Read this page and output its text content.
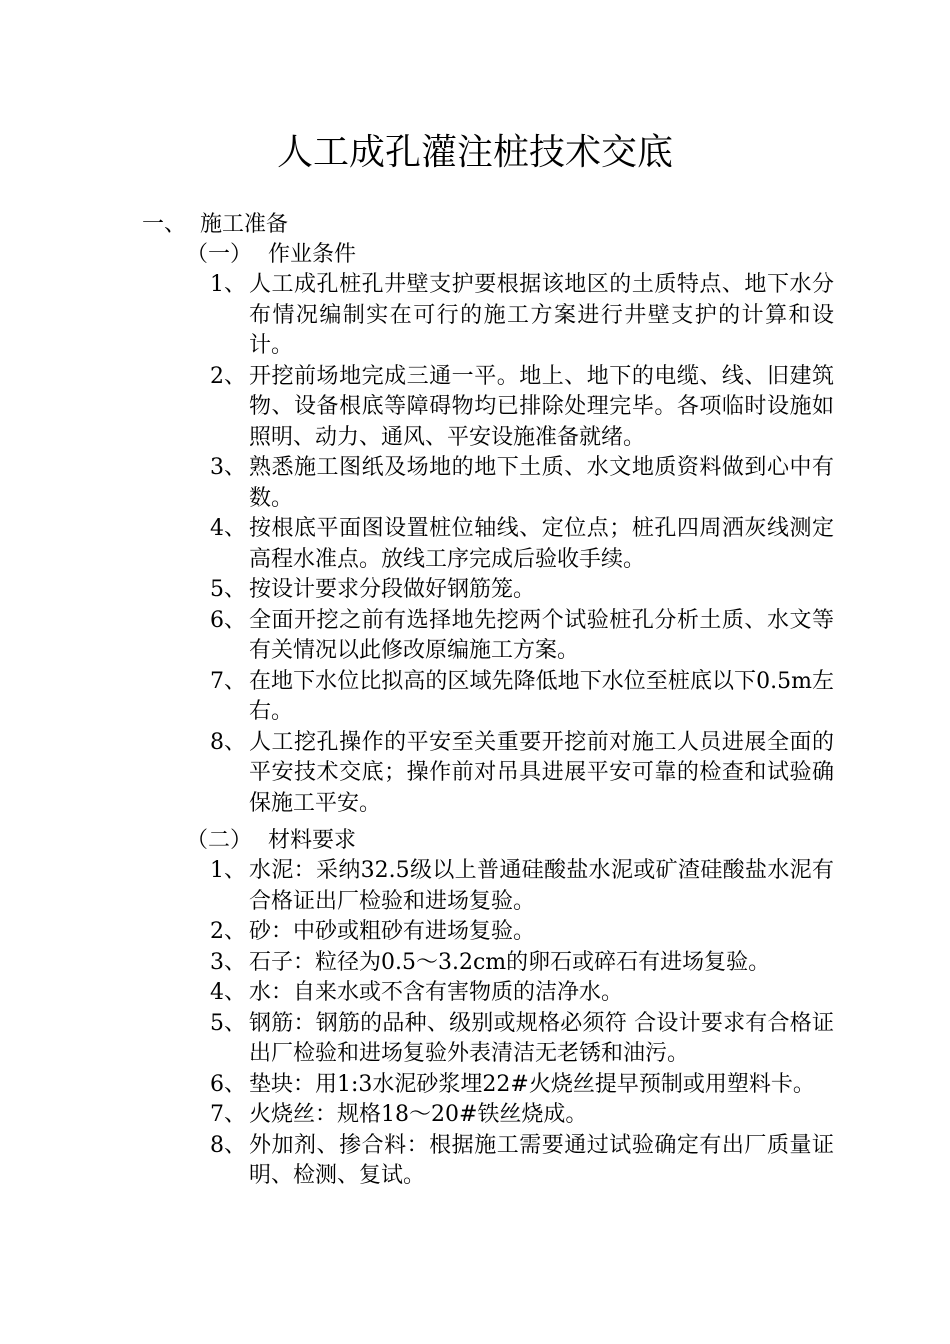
人工成孔灌注桩技术交底
一、 施工准备
（一） 作业条件
1、 人工成孔桩孔井壁支护要根据该地区的土质特点、地下水分布情况编制实在可行的施工方案进行井壁支护的计算和设计。
2、 开挖前场地完成三通一平。地上、地下的电缆、线、旧建筑物、设备根底等障碍物均已排除处理完毕。各项临时设施如照明、动力、通风、平安设施准备就绪。
3、 熟悉施工图纸及场地的地下土质、水文地质资料做到心中有数。
4、 按根底平面图设置桩位轴线、定位点；桩孔四周洒灰线测定高程水准点。放线工序完成后验收手续。
5、 按设计要求分段做好钢筋笼。
6、 全面开挖之前有选择地先挖两个试验桩孔分析土质、水文等有关情况以此修改原编施工方案。
7、 在地下水位比拟高的区域先降低地下水位至桩底以下0.5m左右。
8、 人工挖孔操作的平安至关重要开挖前对施工人员进展全面的平安技术交底；操作前对吊具进展平安可靠的检查和试验确保施工平安。
（二） 材料要求
1、 水泥：采纳32.5级以上普通硅酸盐水泥或矿渣硅酸盐水泥有合格证出厂检验和进场复验。
2、 砂：中砂或粗砂有进场复验。
3、 石子：粒径为0.5～3.2cm的卵石或碎石有进场复验。
4、 水：自来水或不含有害物质的洁净水。
5、 钢筋：钢筋的品种、级别或规格必须符 合设计要求有合格证出厂检验和进场复验外表清洁无老锈和油污。
6、 垫块：用1:3水泥砂浆埋22#火烧丝提早预制或用塑料卡。
7、 火烧丝：规格18～20#铁丝烧成。
8、 外加剂、掺合料：根据施工需要通过试验确定有出厂质量证明、检测、复试。
